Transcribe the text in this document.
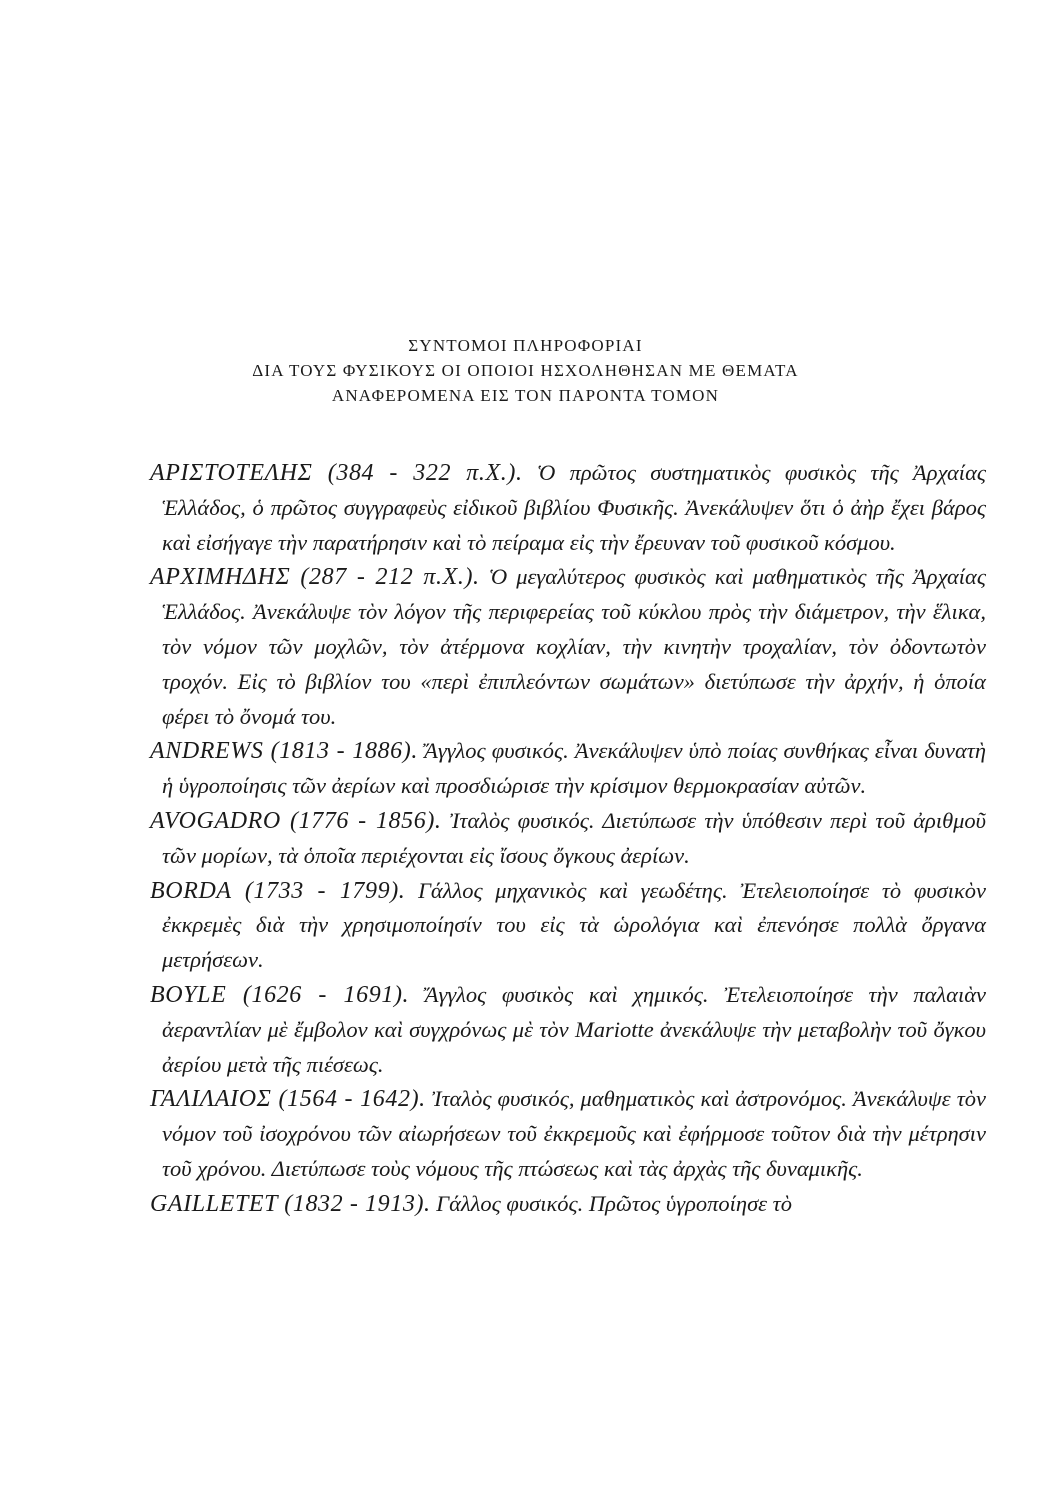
ΣΥΝΤΟΜΟΙ ΠΛΗΡΟΦΟΡΙΑΙ
ΔΙΑ ΤΟΥΣ ΦΥΣΙΚΟΥΣ ΟΙ ΟΠΟΙΟΙ ΗΣΧΟΛΗΘΗΣΑΝ ΜΕ ΘΕΜΑΤΑ
ΑΝΑΦΕΡΟΜΕΝΑ ΕΙΣ ΤΟΝ ΠΑΡΟΝΤΑ ΤΟΜΟΝ

ΑΡΙΣΤΟΤΕΛΗΣ (384 - 322 π.Χ.). Ὁ πρῶτος συστηματικὸς φυσικὸς τῆς Ἀρχαίας Ἑλλάδος, ὁ πρῶτος συγγραφεὺς εἰδικοῦ βιβλίου Φυσικῆς. Ἀνεκάλυψεν ὅτι ὁ ἀὴρ ἔχει βάρος καὶ εἰσήγαγε τὴν παρατήρησιν καὶ τὸ πείραμα εἰς τὴν ἔρευναν τοῦ φυσικοῦ κόσμου.

ΑΡΧΙΜΗΔΗΣ (287 - 212 π.Χ.). Ὁ μεγαλύτερος φυσικὸς καὶ μαθηματικὸς τῆς Ἀρχαίας Ἑλλάδος. Ἀνεκάλυψε τὸν λόγον τῆς περιφερείας τοῦ κύκλου πρὸς τὴν διάμετρον, τὴν ἕλικα, τὸν νόμον τῶν μοχλῶν, τὸν ἀτέρμονα κοχλίαν, τὴν κινητὴν τροχαλίαν, τὸν ὀδοντωτὸν τροχόν. Εἰς τὸ βιβλίον του «περὶ ἐπιπλεόντων σωμάτων» διετύπωσε τὴν ἀρχήν, ἡ ὁποία φέρει τὸ ὄνομά του.

ANDREWS (1813 - 1886). Ἄγγλος φυσικός. Ἀνεκάλυψεν ὑπὸ ποίας συνθήκας εἶναι δυνατὴ ἡ ὑγροποίησις τῶν ἀερίων καὶ προσδιώρισε τὴν κρίσιμον θερμοκρασίαν αὐτῶν.

AVOGADRO (1776 - 1856). Ἰταλὸς φυσικός. Διετύπωσε τὴν ὑπόθεσιν περὶ τοῦ ἀριθμοῦ τῶν μορίων, τὰ ὁποῖα περιέχονται εἰς ἴσους ὄγκους ἀερίων.

BORDA (1733 - 1799). Γάλλος μηχανικὸς καὶ γεωδέτης. Ἐτελειοποίησε τὸ φυσικὸν ἐκκρεμὲς διὰ τὴν χρησιμοποίησίν του εἰς τὰ ὡρολόγια καὶ ἐπενόησε πολλὰ ὄργανα μετρήσεων.

BOYLE (1626 - 1691). Ἄγγλος φυσικὸς καὶ χημικός. Ἐτελειοποίησε τὴν παλαιὰν ἀεραντλίαν μὲ ἔμβολον καὶ συγχρόνως μὲ τὸν Mariotte ἀνεκάλυψε τὴν μεταβολὴν τοῦ ὄγκου ἀερίου μετὰ τῆς πιέσεως.

ΓΑΛΙΛΑΙΟΣ (1564 - 1642). Ἰταλὸς φυσικός, μαθηματικὸς καὶ ἀστρονόμος. Ἀνεκάλυψε τὸν νόμον τοῦ ἰσοχρόνου τῶν αἰωρήσεων τοῦ ἐκκρεμοῦς καὶ ἐφήρμοσε τοῦτον διὰ τὴν μέτρησιν τοῦ χρόνου. Διετύπωσε τοὺς νόμους τῆς πτώσεως καὶ τὰς ἀρχὰς τῆς δυναμικῆς.

GAILLETET (1832 - 1913). Γάλλος φυσικός. Πρῶτος ὑγροποίησε τὸ
